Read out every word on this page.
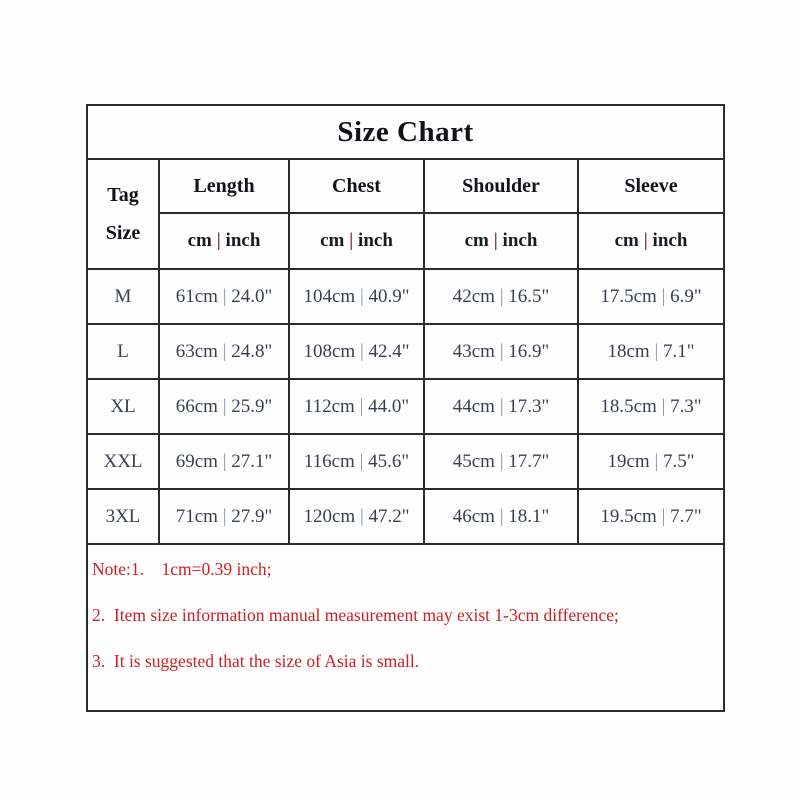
Size Chart				

Tag
Size	Length	Chest	Shoulder	Sleeve
	cm | inch	cm | inch	cm | inch	cm | inch
M	61cm | 24.0"	104cm | 40.9"	42cm | 16.5"	17.5cm | 6.9"
L	63cm | 24.8"	108cm | 42.4"	43cm | 16.9"	18cm | 7.1"
XL	66cm | 25.9"	112cm | 44.0"	44cm | 17.3"	18.5cm | 7.3"
XXL	69cm | 27.1"	116cm | 45.6"	45cm | 17.7"	19cm | 7.5"
3XL	71cm | 27.9"	120cm | 47.2"	46cm | 18.1"	19.5cm | 7.7"

Note:1.    1cm=0.39 inch;
2.  Item size information manual measurement may exist 1-3cm difference;
3.  It is suggested that the size of Asia is small.				
